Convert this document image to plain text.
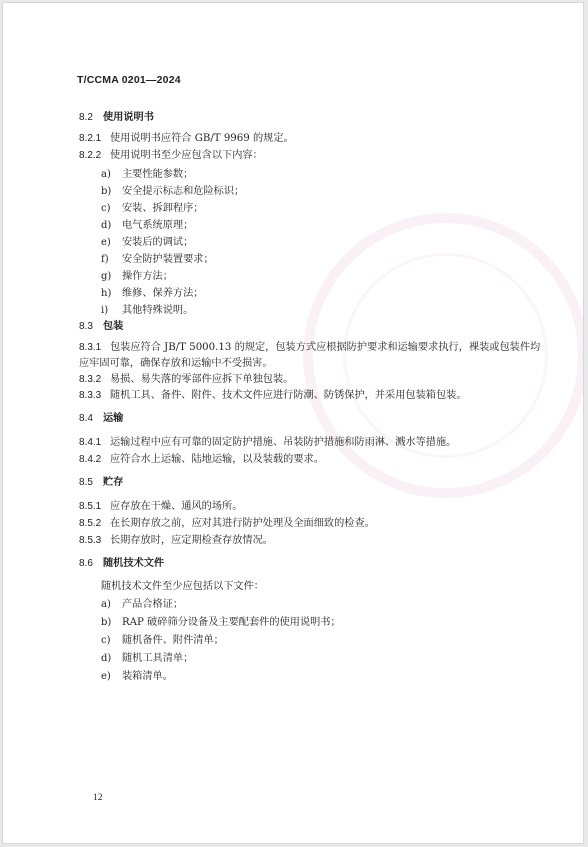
T/CCMA 0201—2024
8.2 使用说明书
8.2.1 使用说明书应符合 GB/T 9969 的规定。
8.2.2 使用说明书至少应包含以下内容：
a) 主要性能参数；
b) 安全提示标志和危险标识；
c) 安装、拆卸程序；
d) 电气系统原理；
e) 安装后的调试；
f) 安全防护装置要求；
g) 操作方法；
h) 维修、保养方法；
i) 其他特殊说明。
8.3 包装
8.3.1 包装应符合 JB/T 5000.13 的规定，包装方式应根据防护要求和运输要求执行，裸装或包装件均
应牢固可靠，确保存放和运输中不受损害。
8.3.2 易损、易失落的零部件应拆下单独包装。
8.3.3 随机工具、备件、附件、技术文件应进行防潮、防锈保护，并采用包装箱包装。
8.4 运输
8.4.1 运输过程中应有可靠的固定防护措施、吊装防护措施和防雨淋、溅水等措施。
8.4.2 应符合水上运输、陆地运输，以及装载的要求。
8.5 贮存
8.5.1 应存放在干燥、通风的场所。
8.5.2 在长期存放之前，应对其进行防护处理及全面细致的检查。
8.5.3 长期存放时，应定期检查存放情况。
8.6 随机技术文件
随机技术文件至少应包括以下文件：
a) 产品合格证；
b) RAP 破碎筛分设备及主要配套件的使用说明书；
c) 随机备件、附件清单；
d) 随机工具清单；
e) 装箱清单。
12
